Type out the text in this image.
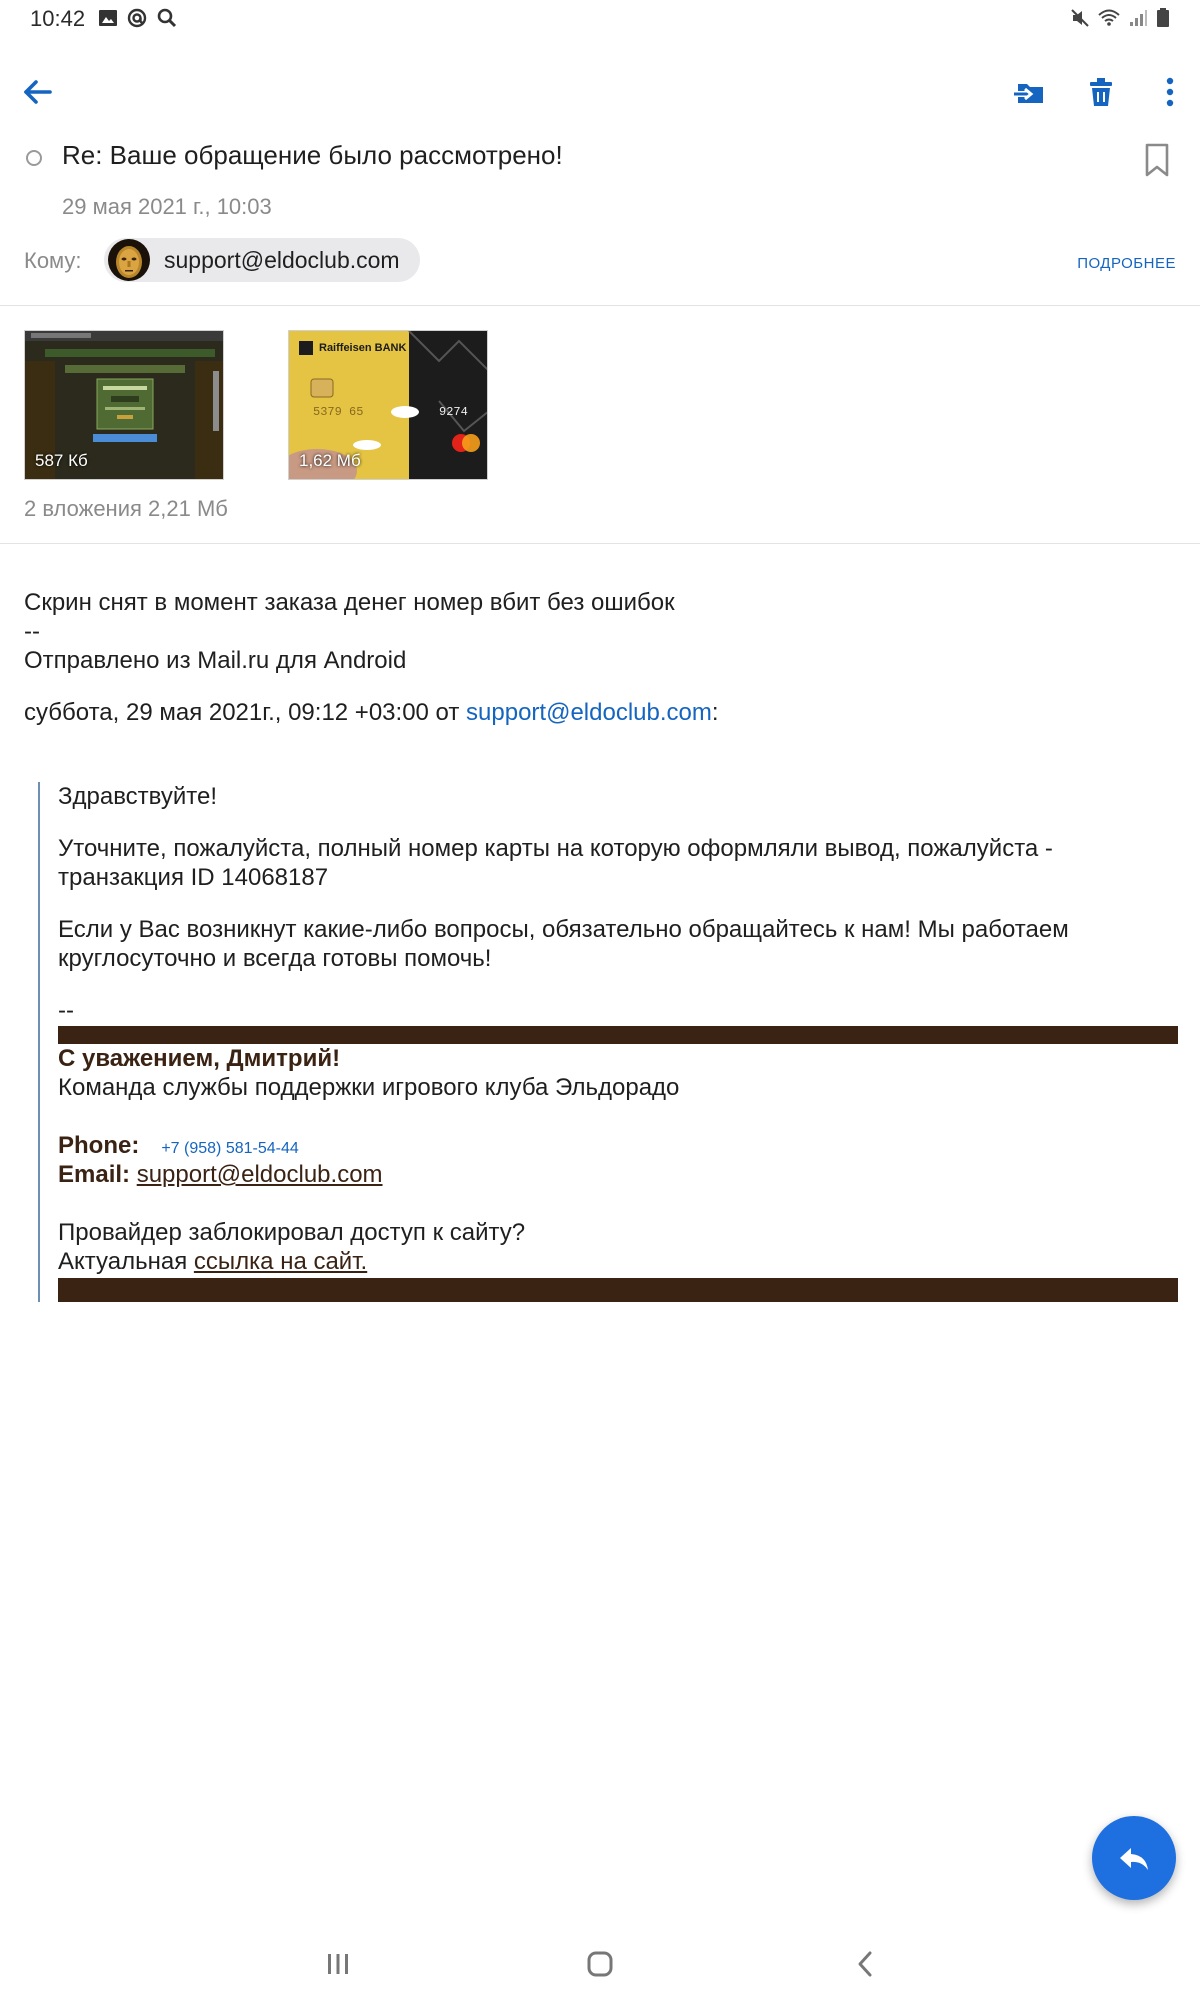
10:42
Re: Ваше обращение было рассмотрено!
29 мая 2021 г., 10:03
Кому:	support@eldoclub.com	ПОДРОБНЕЕ
587 Кб
Raiffeisen BANK
5379 65	9274
1,62 Мб
2 вложения 2,21 Мб

Скрин снят в момент заказа денег номер вбит без ошибок

--

Отправлено из Mail.ru для Android

суббота, 29 мая 2021г., 09:12 +03:00 от support@eldoclub.com:

Здравствуйте!
Уточните, пожалуйста, полный номер карты на которую оформляли вывод, пожалуйста - транзакция ID 14068187
Если у Вас возникнут какие-либо вопросы, обязательно обращайтесь к нам! Мы работаем круглосуточно и всегда готовы помочь!
--
С уважением, Дмитрий!
Команда службы поддержки игрового клуба Эльдорадо
Phone: +7 (958) 581-54-44
Email: support@eldoclub.com
Провайдер заблокировал доступ к сайту?
Актуальная ссылка на сайт.
